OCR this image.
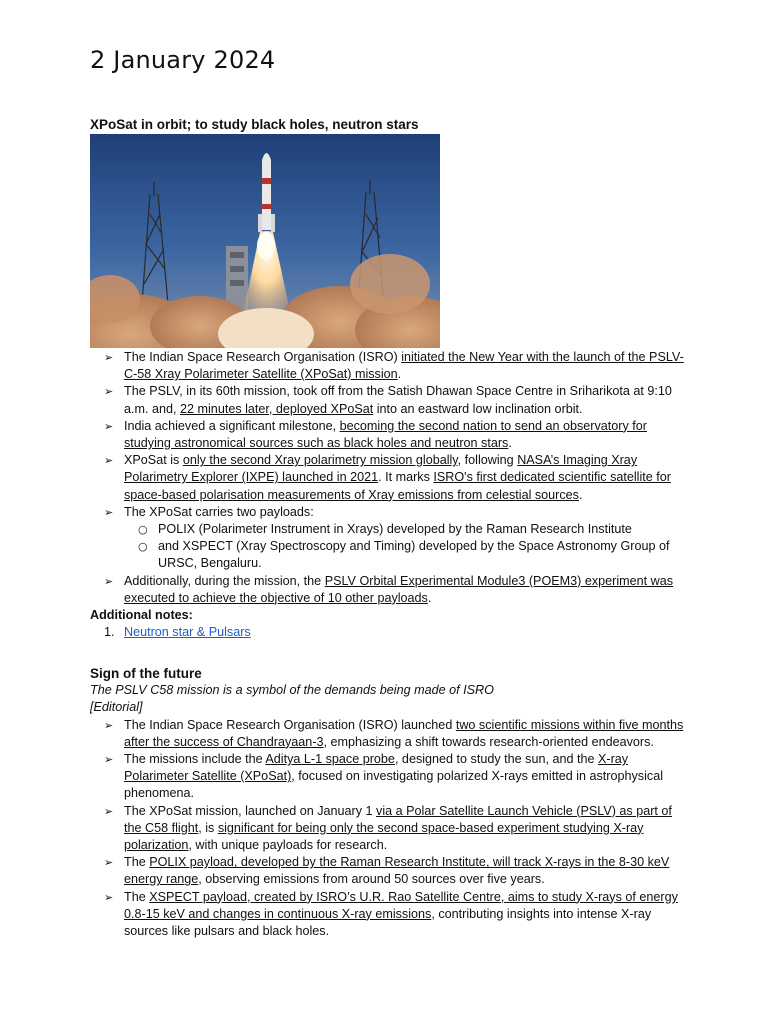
2 January 2024
XPoSat in orbit; to study black holes, neutron stars
➢ The Indian Space Research Organisation (ISRO) initiated the New Year with the launch of the PSLV-C-58 Xray Polarimeter Satellite (XPoSat) mission.
➢ The PSLV, in its 60th mission, took off from the Satish Dhawan Space Centre in Sriharikota at 9:10 a.m. and, 22 minutes later, deployed XPoSat into an eastward low inclination orbit.
➢ India achieved a significant milestone, becoming the second nation to send an observatory for studying astronomical sources such as black holes and neutron stars.
➢ XPoSat is only the second Xray polarimetry mission globally, following NASA’s Imaging Xray Polarimetry Explorer (IXPE) launched in 2021. It marks ISRO's first dedicated scientific satellite for space-based polarisation measurements of Xray emissions from celestial sources.
➢ The XPoSat carries two payloads:
○ POLIX (Polarimeter Instrument in Xrays) developed by the Raman Research Institute
○ and XSPECT (Xray Spectroscopy and Timing) developed by the Space Astronomy Group of URSC, Bengaluru.
➢ Additionally, during the mission, the PSLV Orbital Experimental Module3 (POEM3) experiment was executed to achieve the objective of 10 other payloads.
Additional notes:
1. Neutron star & Pulsars
Sign of the future
The PSLV C58 mission is a symbol of the demands being made of ISRO
[Editorial]
➢ The Indian Space Research Organisation (ISRO) launched two scientific missions within five months after the success of Chandrayaan-3, emphasizing a shift towards research-oriented endeavors.
➢ The missions include the Aditya L-1 space probe, designed to study the sun, and the X-ray Polarimeter Satellite (XPoSat), focused on investigating polarized X-rays emitted in astrophysical phenomena.
➢ The XPoSat mission, launched on January 1 via a Polar Satellite Launch Vehicle (PSLV) as part of the C58 flight, is significant for being only the second space-based experiment studying X-ray polarization, with unique payloads for research.
➢ The POLIX payload, developed by the Raman Research Institute, will track X-rays in the 8-30 keV energy range, observing emissions from around 50 sources over five years.
➢ The XSPECT payload, created by ISRO’s U.R. Rao Satellite Centre, aims to study X-rays of energy 0.8-15 keV and changes in continuous X-ray emissions, contributing insights into intense X-ray sources like pulsars and black holes.
